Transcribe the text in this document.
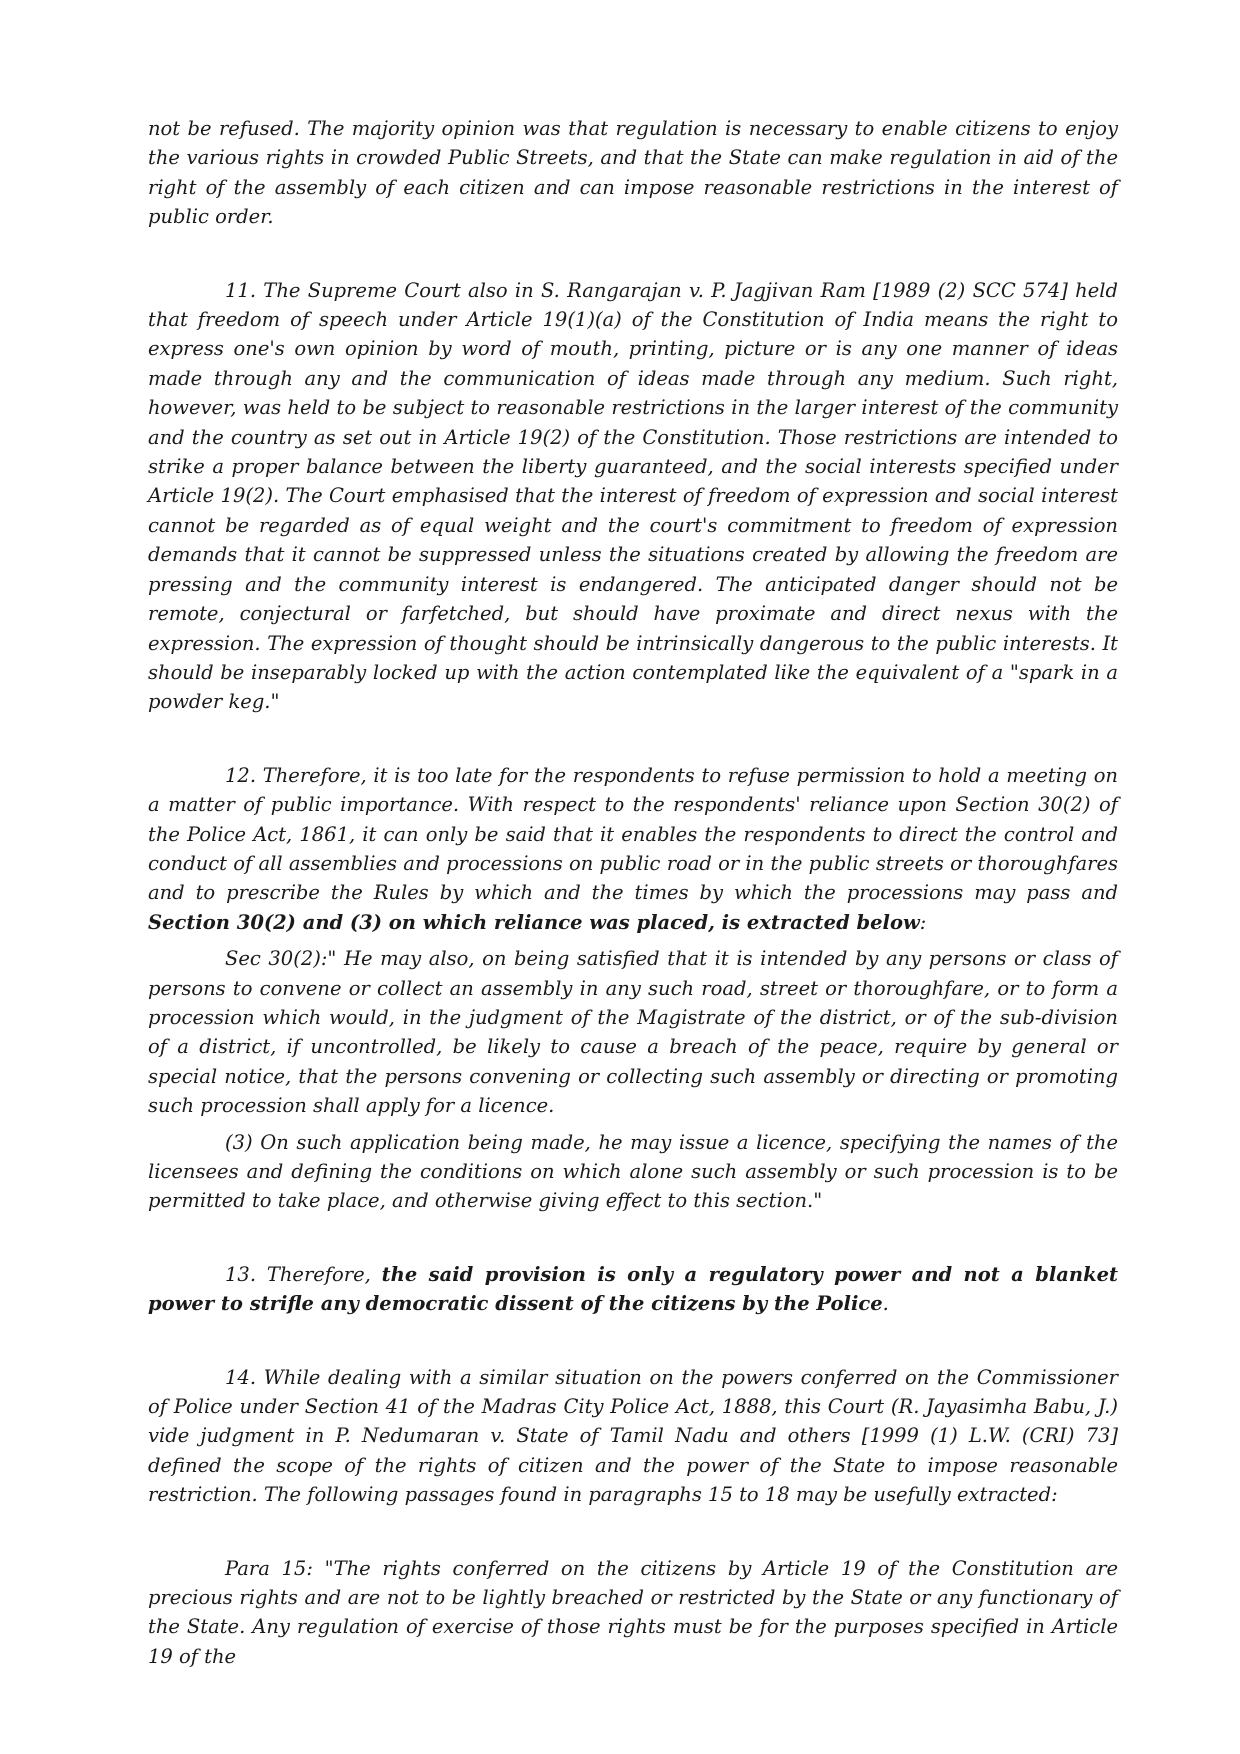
not be refused. The majority opinion was that regulation is necessary to enable citizens to enjoy the various rights in crowded Public Streets, and that the State can make regulation in aid of the right of the assembly of each citizen and can impose reasonable restrictions in the interest of public order.

11. The Supreme Court also in S. Rangarajan v. P. Jagjivan Ram [1989 (2) SCC 574] held that freedom of speech under Article 19(1)(a) of the Constitution of India means the right to express one's own opinion by word of mouth, printing, picture or is any one manner of ideas made through any and the communication of ideas made through any medium. Such right, however, was held to be subject to reasonable restrictions in the larger interest of the community and the country as set out in Article 19(2) of the Constitution. Those restrictions are intended to strike a proper balance between the liberty guaranteed, and the social interests specified under Article 19(2). The Court emphasised that the interest of freedom of expression and social interest cannot be regarded as of equal weight and the court's commitment to freedom of expression demands that it cannot be suppressed unless the situations created by allowing the freedom are pressing and the community interest is endangered. The anticipated danger should not be remote, conjectural or farfetched, but should have proximate and direct nexus with the expression. The expression of thought should be intrinsically dangerous to the public interests. It should be inseparably locked up with the action contemplated like the equivalent of a "spark in a powder keg."

12. Therefore, it is too late for the respondents to refuse permission to hold a meeting on a matter of public importance. With respect to the respondents' reliance upon Section 30(2) of the Police Act, 1861, it can only be said that it enables the respondents to direct the control and conduct of all assemblies and processions on public road or in the public streets or thoroughfares and to prescribe the Rules by which and the times by which the processions may pass and Section 30(2) and (3) on which reliance was placed, is extracted below:

Sec 30(2):" He may also, on being satisfied that it is intended by any persons or class of persons to convene or collect an assembly in any such road, street or thoroughfare, or to form a procession which would, in the judgment of the Magistrate of the district, or of the sub-division of a district, if uncontrolled, be likely to cause a breach of the peace, require by general or special notice, that the persons convening or collecting such assembly or directing or promoting such procession shall apply for a licence.

(3) On such application being made, he may issue a licence, specifying the names of the licensees and defining the conditions on which alone such assembly or such procession is to be permitted to take place, and otherwise giving effect to this section."

13. Therefore, the said provision is only a regulatory power and not a blanket power to strifle any democratic dissent of the citizens by the Police.

14. While dealing with a similar situation on the powers conferred on the Commissioner of Police under Section 41 of the Madras City Police Act, 1888, this Court (R. Jayasimha Babu, J.) vide judgment in P. Nedumaran v. State of Tamil Nadu and others [1999 (1) L.W. (CRI) 73] defined the scope of the rights of citizen and the power of the State to impose reasonable restriction. The following passages found in paragraphs 15 to 18 may be usefully extracted:

Para 15: "The rights conferred on the citizens by Article 19 of the Constitution are precious rights and are not to be lightly breached or restricted by the State or any functionary of the State. Any regulation of exercise of those rights must be for the purposes specified in Article 19 of the
